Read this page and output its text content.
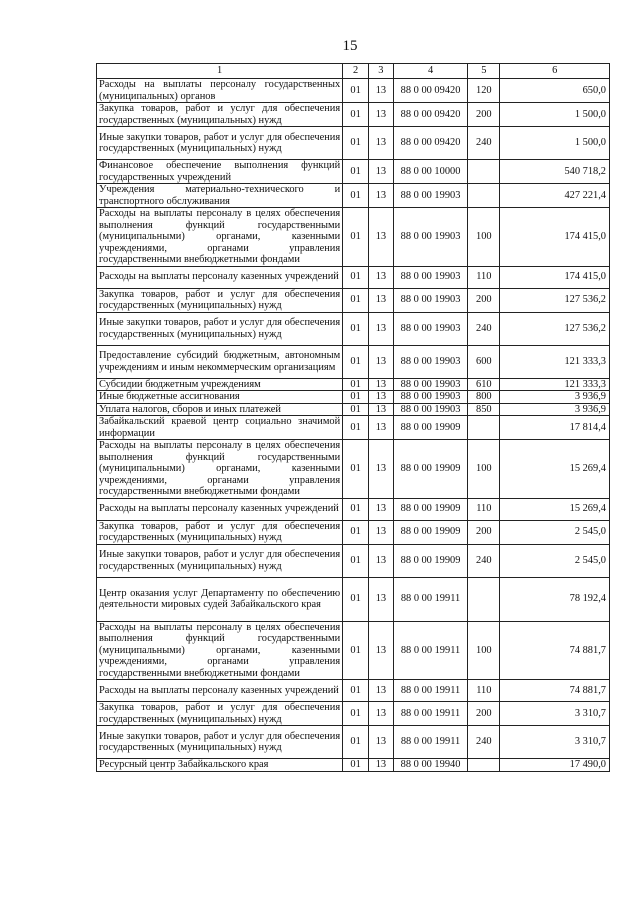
15
1	2	3	4	5	6
Расходы на выплаты персоналу государственных (муниципальных) органов	01	13	88 0 00 09420	120	650,0
Закупка товаров, работ и услуг для обеспечения государственных (муниципальных) нужд	01	13	88 0 00 09420	200	1 500,0
Иные закупки товаров, работ и услуг для обеспечения государственных (муниципальных) нужд	01	13	88 0 00 09420	240	1 500,0
Финансовое обеспечение выполнения функций государственных учреждений	01	13	88 0 00 10000		540 718,2
Учреждения материально-технического и транспортного обслуживания	01	13	88 0 00 19903		427 221,4
Расходы на выплаты персоналу в целях обеспечения выполнения функций государственными (муниципальными) органами, казенными учреждениями, органами управления государственными внебюджетными фондами	01	13	88 0 00 19903	100	174 415,0
Расходы на выплаты персоналу казенных учреждений	01	13	88 0 00 19903	110	174 415,0
Закупка товаров, работ и услуг для обеспечения государственных (муниципальных) нужд	01	13	88 0 00 19903	200	127 536,2
Иные закупки товаров, работ и услуг для обеспечения государственных (муниципальных) нужд	01	13	88 0 00 19903	240	127 536,2
Предоставление субсидий бюджетным, автономным учреждениям и иным некоммерческим организациям	01	13	88 0 00 19903	600	121 333,3
Субсидии бюджетным учреждениям	01	13	88 0 00 19903	610	121 333,3
Иные бюджетные ассигнования	01	13	88 0 00 19903	800	3 936,9
Уплата налогов, сборов и иных платежей	01	13	88 0 00 19903	850	3 936,9
Забайкальский краевой центр социально значимой информации	01	13	88 0 00 19909		17 814,4
Расходы на выплаты персоналу в целях обеспечения выполнения функций государственными (муниципальными) органами, казенными учреждениями, органами управления государственными внебюджетными фондами	01	13	88 0 00 19909	100	15 269,4
Расходы на выплаты персоналу казенных учреждений	01	13	88 0 00 19909	110	15 269,4
Закупка товаров, работ и услуг для обеспечения государственных (муниципальных) нужд	01	13	88 0 00 19909	200	2 545,0
Иные закупки товаров, работ и услуг для обеспечения государственных (муниципальных) нужд	01	13	88 0 00 19909	240	2 545,0
Центр оказания услуг Департаменту по обеспечению деятельности мировых судей Забайкальского края	01	13	88 0 00 19911		78 192,4
Расходы на выплаты персоналу в целях обеспечения выполнения функций государственными (муниципальными) органами, казенными учреждениями, органами управления государственными внебюджетными фондами	01	13	88 0 00 19911	100	74 881,7
Расходы на выплаты персоналу казенных учреждений	01	13	88 0 00 19911	110	74 881,7
Закупка товаров, работ и услуг для обеспечения государственных (муниципальных) нужд	01	13	88 0 00 19911	200	3 310,7
Иные закупки товаров, работ и услуг для обеспечения государственных (муниципальных) нужд	01	13	88 0 00 19911	240	3 310,7
Ресурсный центр Забайкальского края	01	13	88 0 00 19940		17 490,0
